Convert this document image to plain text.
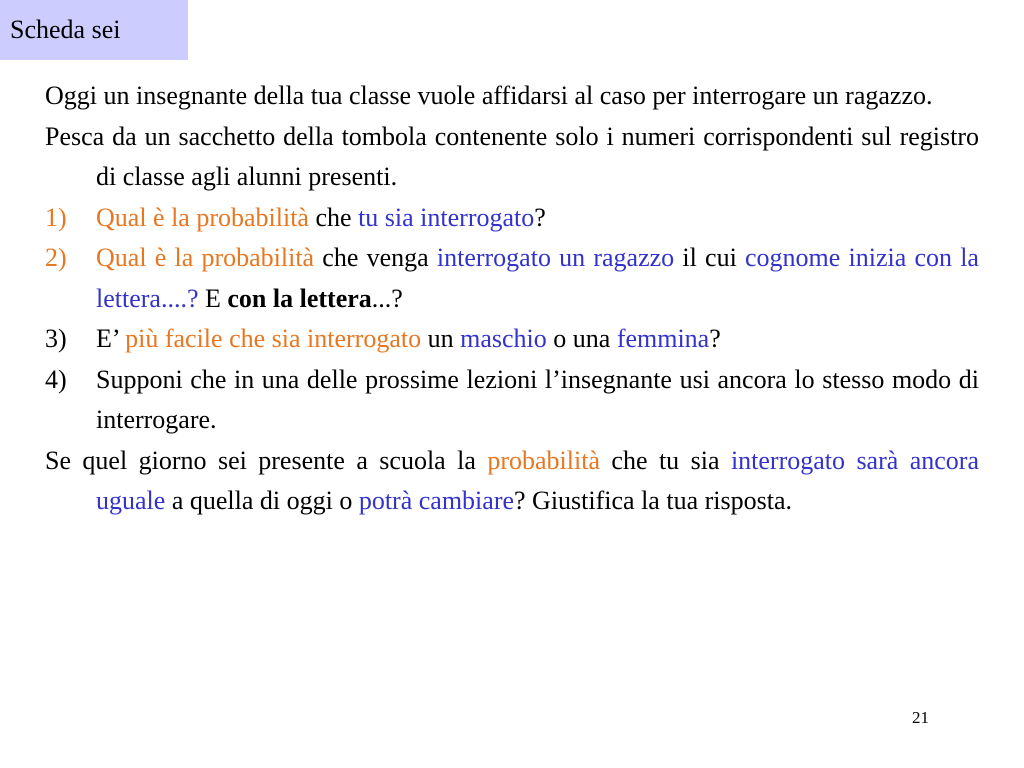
Scheda sei

Oggi un insegnante della tua classe vuole affidarsi al caso per interrogare un ragazzo.

Pesca da un sacchetto della tombola contenente solo i numeri corrispondenti sul registro di classe agli alunni presenti.

1) Qual è la probabilità che tu sia interrogato?
2) Qual è la probabilità che venga interrogato un ragazzo il cui cognome inizia con la lettera....? E con la lettera...?
3) E’ più facile che sia interrogato un maschio o una femmina?
4) Supponi che in una delle prossime lezioni l’insegnante usi ancora lo stesso modo di interrogare.

Se quel giorno sei presente a scuola la probabilità che tu sia interrogato sarà ancora uguale a quella di oggi o potrà cambiare? Giustifica la tua risposta.

21
